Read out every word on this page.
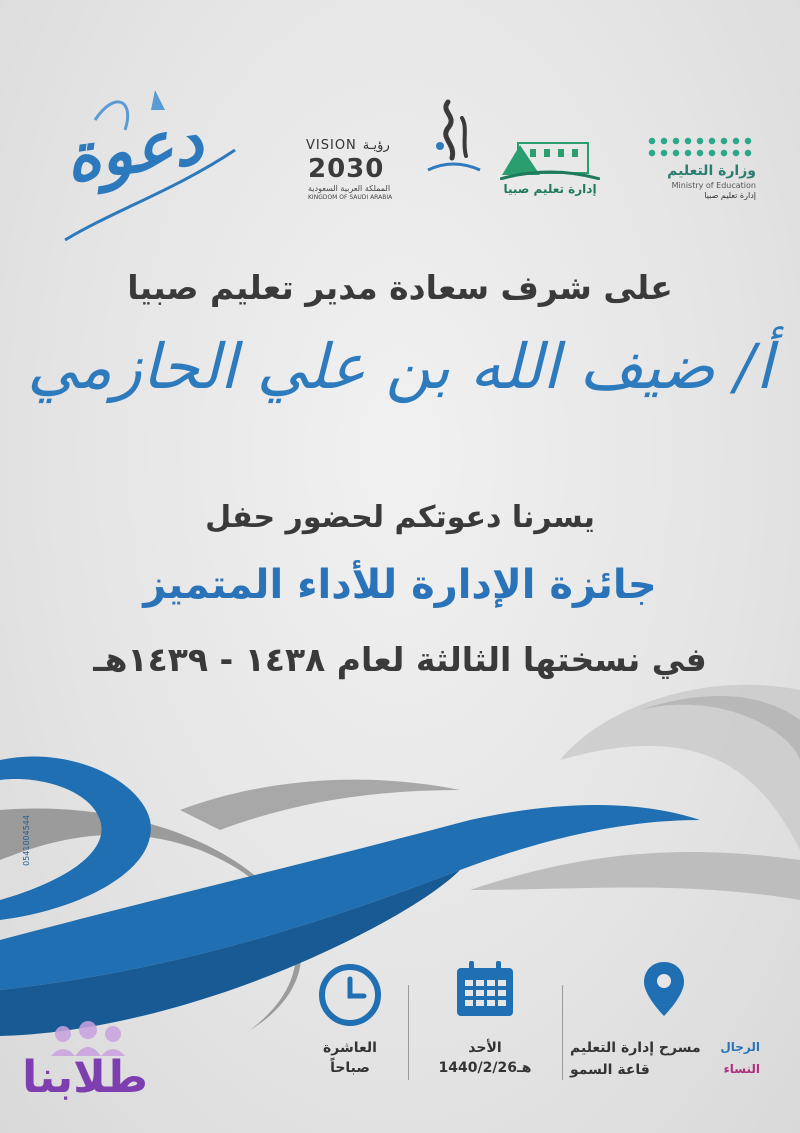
وزارة التعليم
Ministry of Education
إدارة تعليم صبيا
إدارة تعليم صبيا
VISION رؤيـة
2030
المملكة العربية السعودية
KINGDOM OF SAUDI ARABIA
دعوة
على شرف سعادة مدير تعليم صبيا
أ/ ضيف الله بن علي الحازمي
يسرنا دعوتكم لحضور حفل
جائزة الإدارة للأداء المتميز
في نسختها الثالثة لعام ١٤٣٨ - ١٤٣٩هـ
0541004544
الرجال
مسرح إدارة التعليم
النساء
قاعة السمو
الأحد
1440/2/26هـ
العاشرة
صباحاً
طلابنا
